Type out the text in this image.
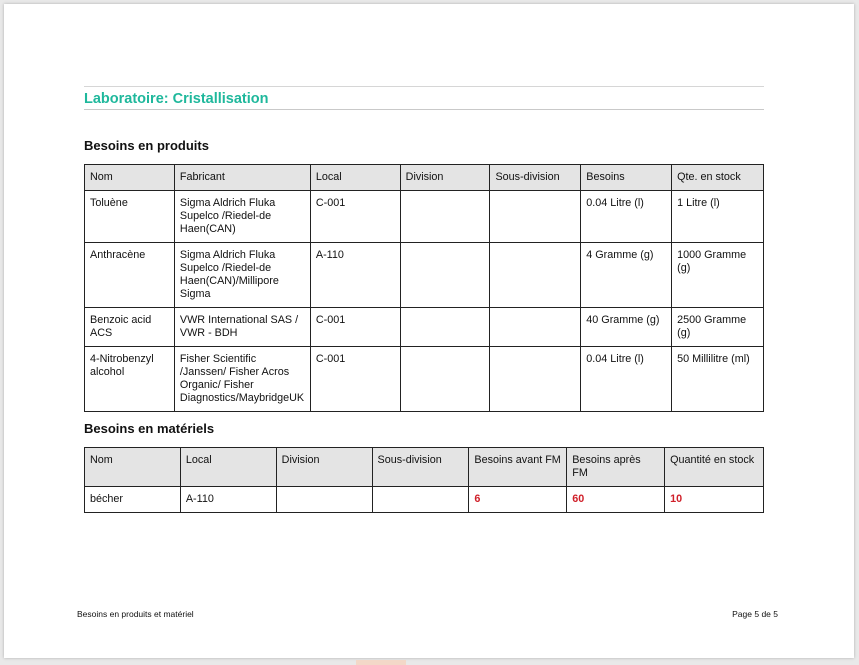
Laboratoire: Cristallisation
Besoins en produits
Nom	Fabricant	Local	Division	Sous-division	Besoins	Qte. en stock
Toluène	Sigma Aldrich Fluka Supelco /Riedel-de Haen(CAN)	C-001			0.04 Litre (l)	1 Litre (l)
Anthracène	Sigma Aldrich Fluka Supelco /Riedel-de Haen(CAN)/Millipore Sigma	A-110			4 Gramme (g)	1000 Gramme (g)
Benzoic acid ACS	VWR International SAS / VWR - BDH	C-001			40 Gramme (g)	2500 Gramme (g)
4-Nitrobenzyl alcohol	Fisher Scientific /Janssen/ Fisher Acros Organic/ Fisher Diagnostics/MaybridgeUK	C-001			0.04 Litre (l)	50 Millilitre (ml)
Besoins en matériels
Nom	Local	Division	Sous-division	Besoins avant FM	Besoins après FM	Quantité en stock
bécher	A-110			6	60	10
Besoins en produits et matériel	Page 5 de 5
